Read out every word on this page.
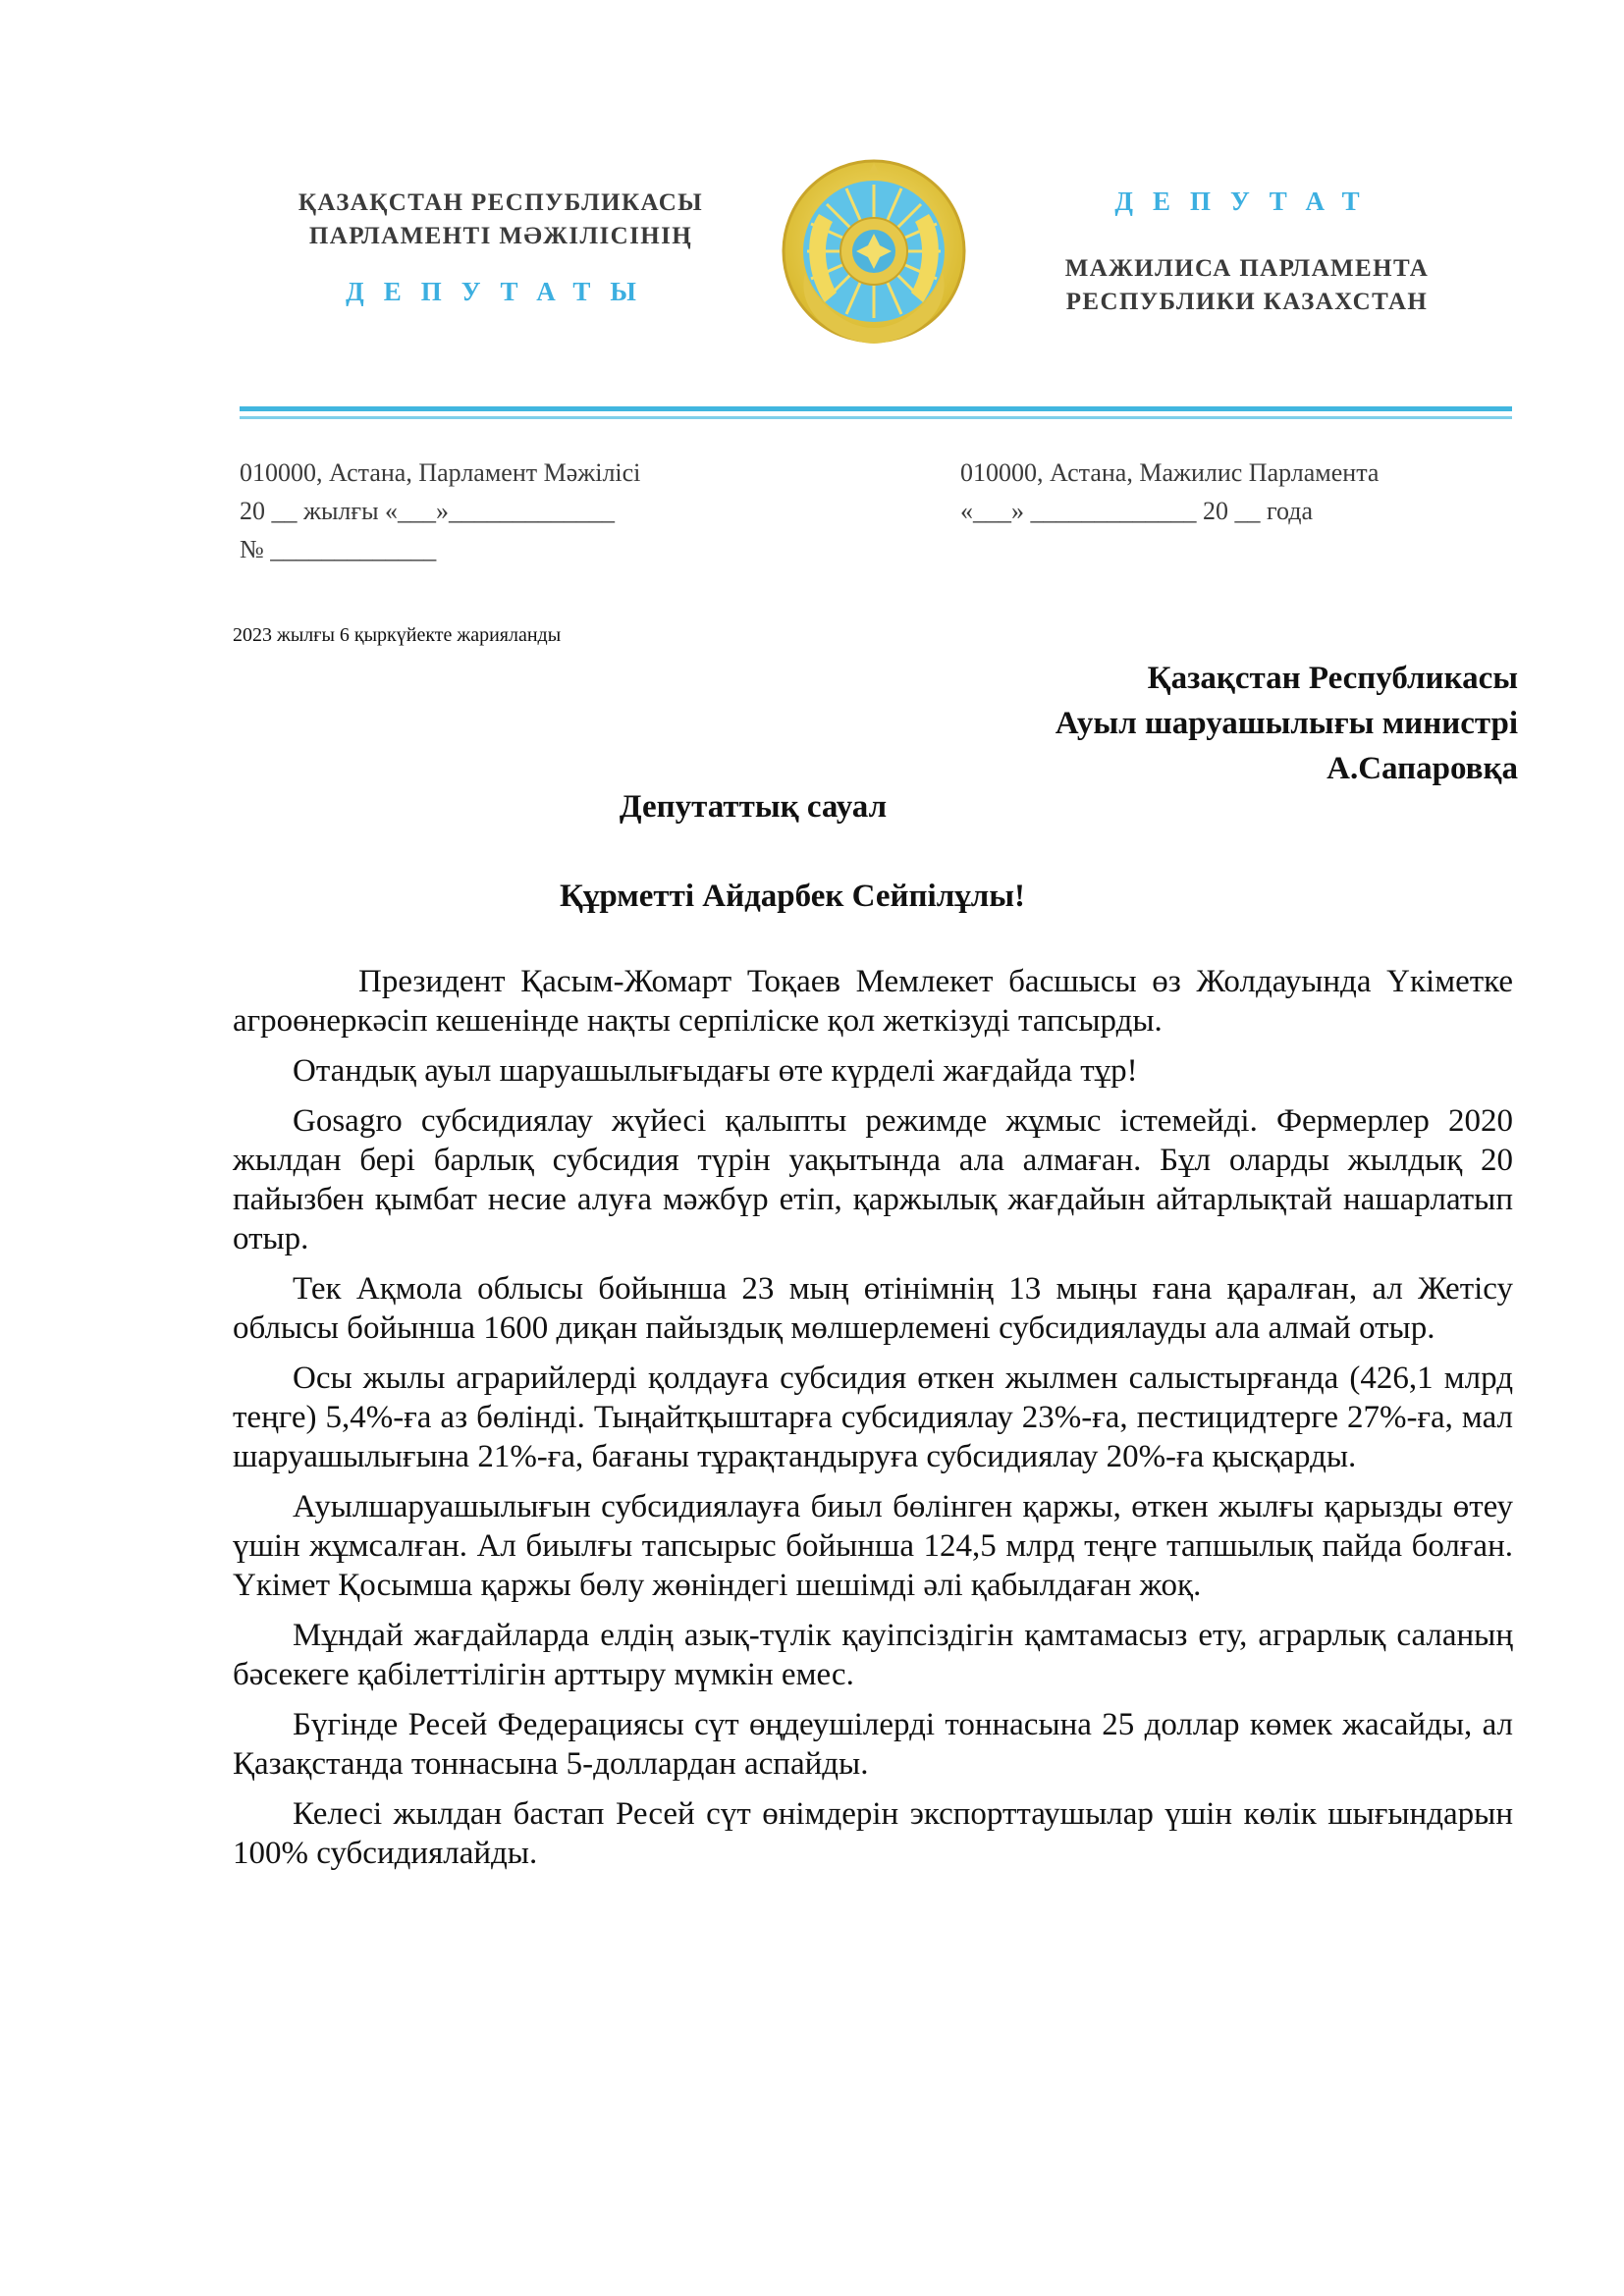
ҚАЗАҚСТАН РЕСПУБЛИКАСЫ
ПАРЛАМЕНТІ МӘЖІЛІСІНІҢ
ДЕПУТАТЫ
ДЕПУТАТ
МАЖИЛИСА ПАРЛАМЕНТА
РЕСПУБЛИКИ КАЗАХСТАН
010000, Астана, Парламент Мәжілісі
20 __ жылғы «___»_____________
№ _____________
010000, Астана, Мажилис Парламента
«___» _____________ 20 __ года
2023 жылғы 6 қыркүйекте жарияланды
Қазақстан Республикасы
Ауыл шаруашылығы министрі
А.Сапаровқа
Депутаттық сауал
Құрметті Айдарбек Сейпілұлы!

Президент Қасым-Жомарт Тоқаев Мемлекет басшысы өз Жолдауында Үкіметке агроөнеркәсіп кешенінде нақты серпіліске қол жеткізуді тапсырды.

Отандық ауыл шаруашылығыдағы өте күрделі жағдайда тұр!

Gosagro субсидиялау жүйесі қалыпты режимде жұмыс істемейді. Фермерлер 2020 жылдан бері барлық субсидия түрін уақытында ала алмаған. Бұл оларды жылдық 20 пайызбен қымбат несие алуға мәжбүр етіп, қаржылық жағдайын айтарлықтай нашарлатып отыр.

Тек Ақмола облысы бойынша 23 мың өтінімнің 13 мыңы ғана қаралған, ал Жетісу облысы бойынша 1600 диқан пайыздық мөлшерлемені субсидиялауды ала алмай отыр.

Осы жылы аграрийлерді қолдауға субсидия өткен жылмен салыстырғанда (426,1 млрд теңге) 5,4%-ға аз бөлінді. Тыңайтқыштарға субсидиялау 23%-ға, пестицидтерге 27%-ға, мал шаруашылығына 21%-ға, бағаны тұрақтандыруға субсидиялау 20%-ға қысқарды.

Ауылшаруашылығын субсидиялауға биыл бөлінген қаржы, өткен жылғы қарызды өтеу үшін жұмсалған. Ал биылғы тапсырыс бойынша 124,5 млрд теңге тапшылық пайда болған. Үкімет Қосымша қаржы бөлу жөніндегі шешімді әлі қабылдаған жоқ.

Мұндай жағдайларда елдің азық-түлік қауіпсіздігін қамтамасыз ету, аграрлық саланың бәсекеге қабілеттілігін арттыру мүмкін емес.

Бүгінде Ресей Федерациясы сүт өңдеушілерді тоннасына 25 доллар көмек жасайды, ал Қазақстанда тоннасына 5-доллардан аспайды.

Келесі жылдан бастап Ресей сүт өнімдерін экспорттаушылар үшін көлік шығындарын 100% субсидиялайды.
